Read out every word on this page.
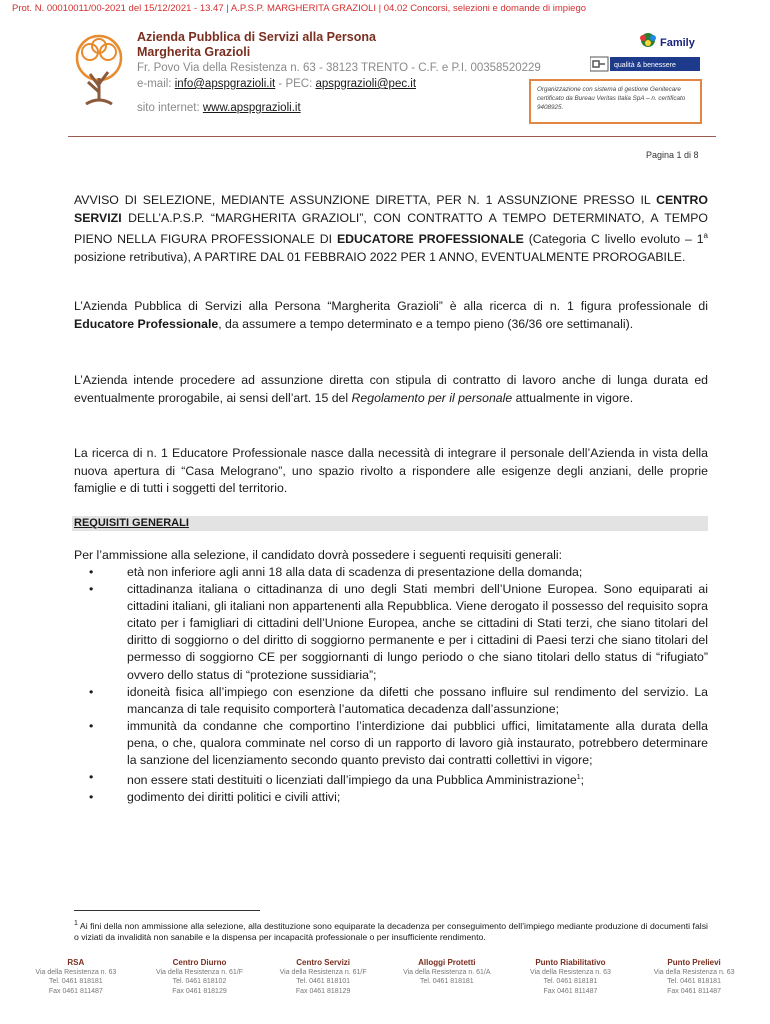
Prot. N. 00010011/00-2021 del 15/12/2021 - 13.47 | A.P.S.P. MARGHERITA GRAZIOLI | 04.02 Concorsi, selezioni e domande di impiego
Azienda Pubblica di Servizi alla Persona
Margherita Grazioli
Fr. Povo Via della Resistenza n. 63 - 38123 TRENTO - C.F. e P.I. 00358520229
e-mail: info@apspgrazioli.it - PEC: apspgrazioli@pec.it
sito internet: www.apspgrazioli.it
Family
qualità & benessere
Organizzazione con sistema di gestione Genitecare certificato da Bureau Veritas Italia SpA – n. certificato 9408925.
Pagina 1 di 8
AVVISO DI SELEZIONE, MEDIANTE ASSUNZIONE DIRETTA, PER N. 1 ASSUNZIONE PRESSO IL CENTRO SERVIZI DELL’A.P.S.P. “MARGHERITA GRAZIOLI”, CON CONTRATTO A TEMPO DETERMINATO, A TEMPO PIENO NELLA FIGURA PROFESSIONALE DI EDUCATORE PROFESSIONALE (Categoria C livello evoluto – 1$^a$ posizione retributiva), A PARTIRE DAL 01 FEBBRAIO 2022 PER 1 ANNO, EVENTUALMENTE PROROGABILE.
L’Azienda Pubblica di Servizi alla Persona “Margherita Grazioli” è alla ricerca di n. 1 figura professionale di Educatore Professionale, da assumere a tempo determinato e a tempo pieno (36/36 ore settimanali).
L’Azienda intende procedere ad assunzione diretta con stipula di contratto di lavoro anche di lunga durata ed eventualmente prorogabile, ai sensi dell’art. 15 del Regolamento per il personale attualmente in vigore.
La ricerca di n. 1 Educatore Professionale nasce dalla necessità di integrare il personale dell’Azienda in vista della nuova apertura di “Casa Melograno”, uno spazio rivolto a rispondere alle esigenze degli anziani, delle proprie famiglie e di tutti i soggetti del territorio.
REQUISITI GENERALI
Per l’ammissione alla selezione, il candidato dovrà possedere i seguenti requisiti generali:
•	età non inferiore agli anni 18 alla data di scadenza di presentazione della domanda;
•	cittadinanza italiana o cittadinanza di uno degli Stati membri dell’Unione Europea. Sono equiparati ai cittadini italiani, gli italiani non appartenenti alla Repubblica. Viene derogato il possesso del requisito sopra citato per i famigliari di cittadini dell’Unione Europea, anche se cittadini di Stati terzi, che siano titolari del diritto di soggiorno o del diritto di soggiorno permanente e per i cittadini di Paesi terzi che siano titolari del permesso di soggiorno CE per soggiornanti di lungo periodo o che siano titolari dello status di “rifugiato” ovvero dello status di “protezione sussidiaria”;
•	idoneità fisica all’impiego con esenzione da difetti che possano influire sul rendimento del servizio. La mancanza di tale requisito comporterà l’automatica decadenza dall’assunzione;
•	immunità da condanne che comportino l’interdizione dai pubblici uffici, limitatamente alla durata della pena, o che, qualora comminate nel corso di un rapporto di lavoro già instaurato, potrebbero determinare la sanzione del licenziamento secondo quanto previsto dai contratti collettivi in vigore;
•	non essere stati destituiti o licenziati dall’impiego da una Pubblica Amministrazione$^1$;
•	godimento dei diritti politici e civili attivi;
$^1$ Ai fini della non ammissione alla selezione, alla destituzione sono equiparate la decadenza per conseguimento dell’impiego mediante produzione di documenti falsi o viziati da invalidità non sanabile e la dispensa per incapacità professionale o per insufficiente rendimento.
RSA
Via della Resistenza n. 63
Tel. 0461 818181
Fax 0461 811487
Centro Diurno
Via della Resistenza n. 61/F
Tel. 0461 818102
Fax 0461 818129
Centro Servizi
Via della Resistenza n. 61/F
Tel. 0461 818101
Fax 0461 818129
Alloggi Protetti
Via della Resistenza n. 61/A
Tel. 0461 818181
Punto Riabilitativo
Via della Resistenza n. 63
Tel. 0461 818181
Fax 0461 811487
Punto Prelievi
Via della Resistenza n. 63
Tel. 0461 818181
Fax 0461 811487
